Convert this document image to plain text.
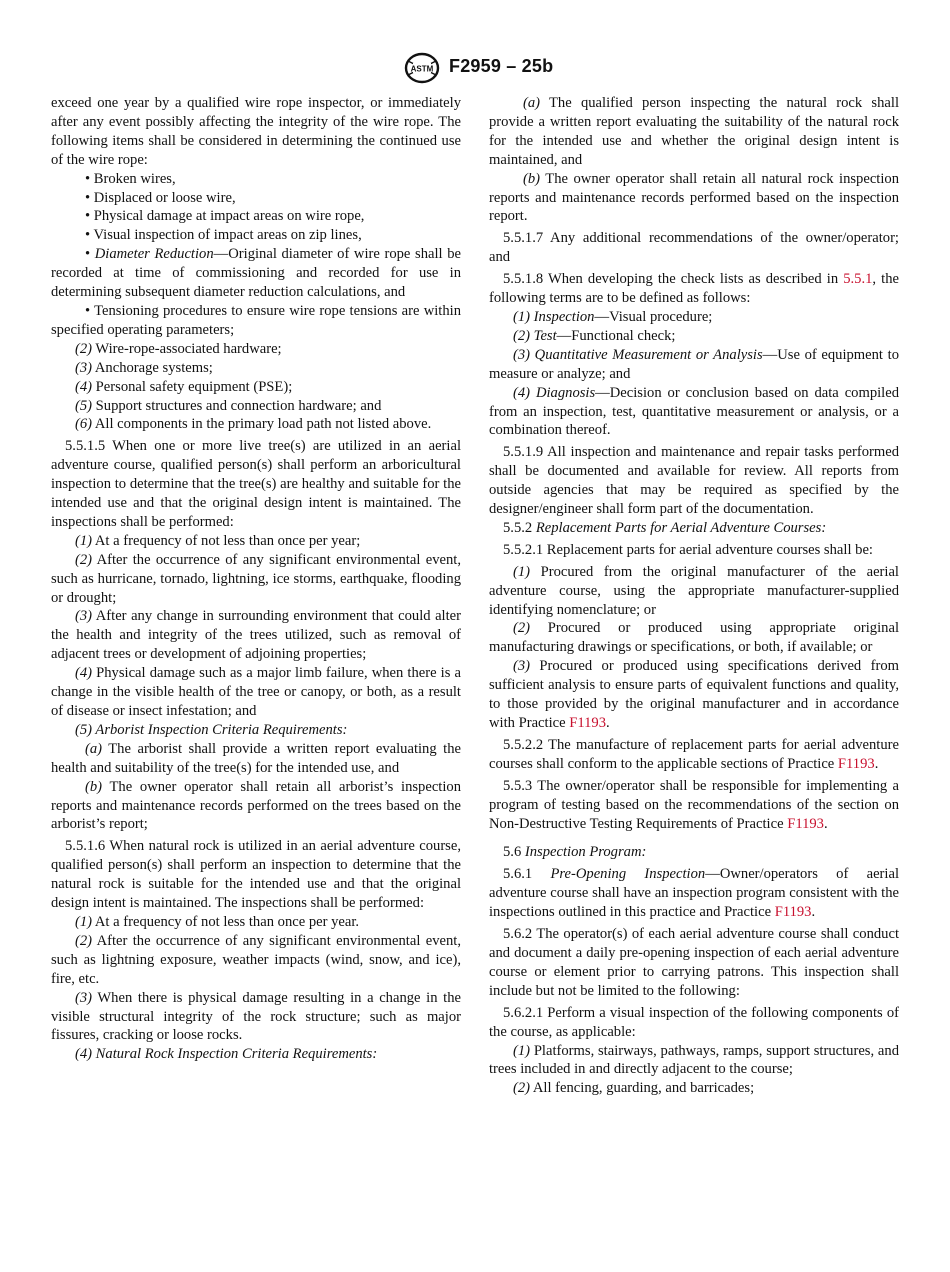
ASTM F2959 – 25b

exceed one year by a qualified wire rope inspector, or immediately after any event possibly affecting the integrity of the wire rope. The following items shall be considered in determining the continued use of the wire rope:

• Broken wires,

• Displaced or loose wire,

• Physical damage at impact areas on wire rope,

• Visual inspection of impact areas on zip lines,

• Diameter Reduction—Original diameter of wire rope shall be recorded at time of commissioning and recorded for use in determining subsequent diameter reduction calculations, and

• Tensioning procedures to ensure wire rope tensions are within specified operating parameters;

(2) Wire-rope-associated hardware;

(3) Anchorage systems;

(4) Personal safety equipment (PSE);

(5) Support structures and connection hardware; and

(6) All components in the primary load path not listed above.

5.5.1.5 When one or more live tree(s) are utilized in an aerial adventure course, qualified person(s) shall perform an arboricultural inspection to determine that the tree(s) are healthy and suitable for the intended use and that the original design intent is maintained. The inspections shall be performed:

(1) At a frequency of not less than once per year;

(2) After the occurrence of any significant environmental event, such as hurricane, tornado, lightning, ice storms, earthquake, flooding or drought;

(3) After any change in surrounding environment that could alter the health and integrity of the trees utilized, such as removal of adjacent trees or development of adjoining properties;

(4) Physical damage such as a major limb failure, when there is a change in the visible health of the tree or canopy, or both, as a result of disease or insect infestation; and

(5) Arborist Inspection Criteria Requirements:

(a) The arborist shall provide a written report evaluating the health and suitability of the tree(s) for the intended use, and

(b) The owner operator shall retain all arborist’s inspection reports and maintenance records performed on the trees based on the arborist’s report;

5.5.1.6 When natural rock is utilized in an aerial adventure course, qualified person(s) shall perform an inspection to determine that the natural rock is suitable for the intended use and that the original design intent is maintained. The inspections shall be performed:

(1) At a frequency of not less than once per year.

(2) After the occurrence of any significant environmental event, such as lightning exposure, weather impacts (wind, snow, and ice), fire, etc.

(3) When there is physical damage resulting in a change in the visible structural integrity of the rock structure; such as major fissures, cracking or loose rocks.

(4) Natural Rock Inspection Criteria Requirements:

(a) The qualified person inspecting the natural rock shall provide a written report evaluating the suitability of the natural rock for the intended use and whether the original design intent is maintained, and

(b) The owner operator shall retain all natural rock inspection reports and maintenance records performed based on the inspection report.

5.5.1.7 Any additional recommendations of the owner/operator; and

5.5.1.8 When developing the check lists as described in 5.5.1, the following terms are to be defined as follows:

(1) Inspection—Visual procedure;

(2) Test—Functional check;

(3) Quantitative Measurement or Analysis—Use of equipment to measure or analyze; and

(4) Diagnosis—Decision or conclusion based on data compiled from an inspection, test, quantitative measurement or analysis, or a combination thereof.

5.5.1.9 All inspection and maintenance and repair tasks performed shall be documented and available for review. All reports from outside agencies that may be required as specified by the designer/engineer shall form part of the documentation.

5.5.2 Replacement Parts for Aerial Adventure Courses:

5.5.2.1 Replacement parts for aerial adventure courses shall be:

(1) Procured from the original manufacturer of the aerial adventure course, using the appropriate manufacturer-supplied identifying nomenclature; or

(2) Procured or produced using appropriate original manufacturing drawings or specifications, or both, if available; or

(3) Procured or produced using specifications derived from sufficient analysis to ensure parts of equivalent functions and quality, to those provided by the original manufacturer and in accordance with Practice F1193.

5.5.2.2 The manufacture of replacement parts for aerial adventure courses shall conform to the applicable sections of Practice F1193.

5.5.3 The owner/operator shall be responsible for implementing a program of testing based on the recommendations of the section on Non-Destructive Testing Requirements of Practice F1193.

5.6 Inspection Program:

5.6.1 Pre-Opening Inspection—Owner/operators of aerial adventure course shall have an inspection program consistent with the inspections outlined in this practice and Practice F1193.

5.6.2 The operator(s) of each aerial adventure course shall conduct and document a daily pre-opening inspection of each aerial adventure course or element prior to carrying patrons. This inspection shall include but not be limited to the following:

5.6.2.1 Perform a visual inspection of the following components of the course, as applicable:

(1) Platforms, stairways, pathways, ramps, support structures, and trees included in and directly adjacent to the course;

(2) All fencing, guarding, and barricades;
